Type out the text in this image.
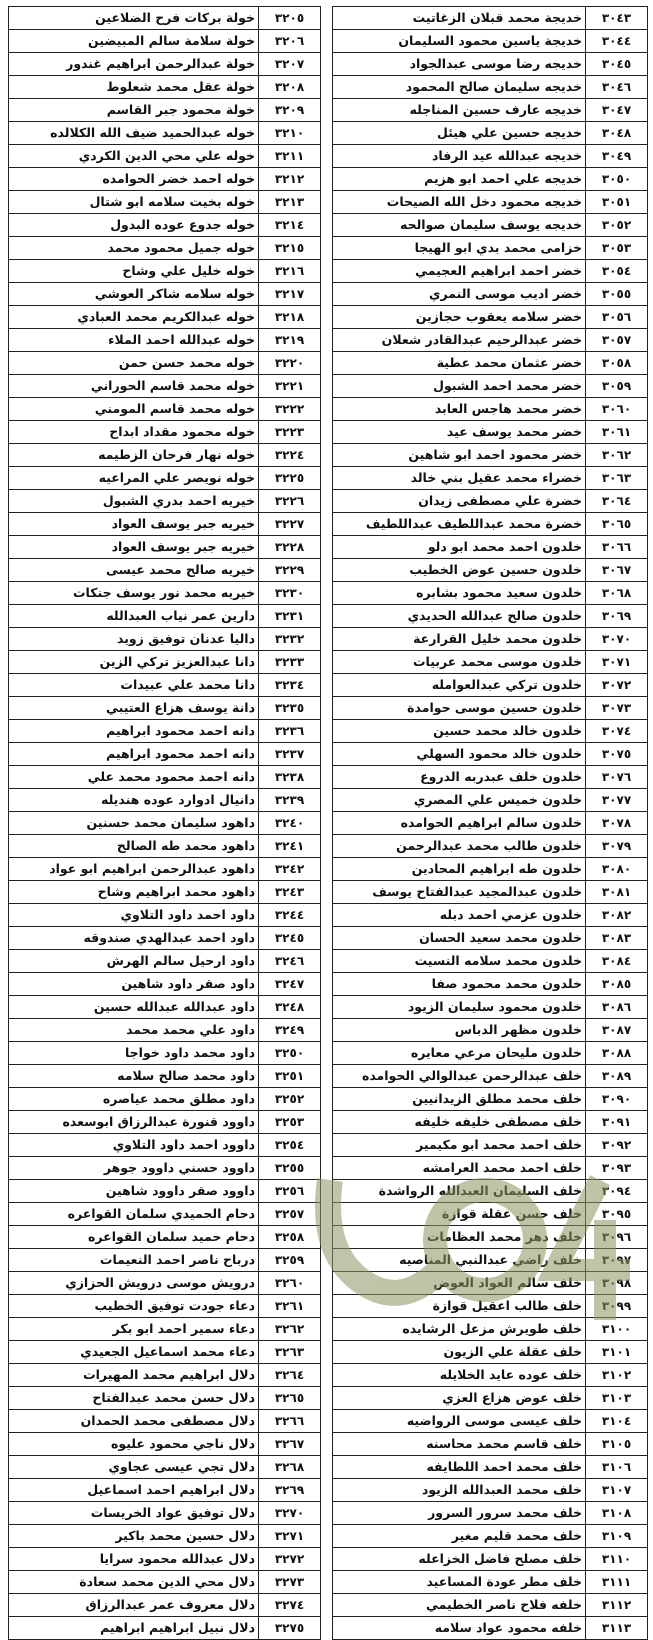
٣٠٤٣	خديجة محمد قبلان الزغاتيت
٣٠٤٤	خديجة ياسين محمود السليمان
٣٠٤٥	خديجه رضا موسى عبدالجواد
٣٠٤٦	خديجه سليمان صالح المحمود
٣٠٤٧	خديجه عارف حسين المناجله
٣٠٤٨	خديجه حسين علي هيئل
٣٠٤٩	خديجه عبدالله عيد الرفاد
٣٠٥٠	خديجه علي احمد ابو هزيم
٣٠٥١	خديجه محمود دخل الله الصيحات
٣٠٥٢	خديجه يوسف سليمان صوالحه
٣٠٥٣	خزامى محمد بدي ابو الهيجا
٣٠٥٤	خضر احمد ابراهيم العجيمي
٣٠٥٥	خضر اديب موسى النمري
٣٠٥٦	خضر سلامه يعقوب حجازين
٣٠٥٧	خضر عبدالرحيم عبدالقادر شعلان
٣٠٥٨	خضر عثمان محمد عطية
٣٠٥٩	خضر محمد احمد الشبول
٣٠٦٠	خضر محمد هاجس العابد
٣٠٦١	خضر محمد يوسف عيد
٣٠٦٢	خضر محمود احمد ابو شاهين
٣٠٦٣	خضراء محمد عقيل بني خالد
٣٠٦٤	خضرة علي مصطفى زيدان
٣٠٦٥	خضرة محمد عبداللطيف عبداللطيف
٣٠٦٦	خلدون احمد محمد ابو دلو
٣٠٦٧	خلدون حسين عوض الخطيب
٣٠٦٨	خلدون سعيد محمود بشابره
٣٠٦٩	خلدون صالح عبدالله الحديدي
٣٠٧٠	خلدون محمد خليل القرارعة
٣٠٧١	خلدون موسى محمد عربيات
٣٠٧٢	خلدون تركي عبدالعوامله
٣٠٧٣	خلدون حسين موسى حوامدة
٣٠٧٤	خلدون خالد محمد حسين
٣٠٧٥	خلدون خالد محمود السهلي
٣٠٧٦	خلدون خلف عبدربه الدروع
٣٠٧٧	خلدون خميس علي المصري
٣٠٧٨	خلدون سالم ابراهيم الحوامده
٣٠٧٩	خلدون طالب محمد عبدالرحمن
٣٠٨٠	خلدون طه ابراهيم المحادين
٣٠٨١	خلدون عبدالمجيد عبدالفتاح يوسف
٣٠٨٢	خلدون عزمي احمد دبله
٣٠٨٣	خلدون محمد سعيد الحسان
٣٠٨٤	خلدون محمد سلامه النسيت
٣٠٨٥	خلدون محمد محمود صفا
٣٠٨٦	خلدون محمود سليمان الزيود
٣٠٨٧	خلدون مظهر الدباس
٣٠٨٨	خلدون مليحان مرعي معايره
٣٠٨٩	خلف عبدالرحمن عبدالوالي الحوامده
٣٠٩٠	خلف محمد مطلق الزيدانيين
٣٠٩١	خلف مصطفى خليفه خليفه
٣٠٩٢	خلف احمد محمد ابو مكيمير
٣٠٩٣	خلف احمد محمد العرامشه
٣٠٩٤	خلف السليمان العبدالله الرواشدة
٣٠٩٥	خلف حسن عقلة قوازة
٣٠٩٦	خلف دهر محمد العظامات
٣٠٩٧	خلف راضي عبدالنبي المناصيه
٣٠٩٨	خلف سالم العواد العوض
٣٠٩٩	خلف طالب اعقيل قوازة
٣١٠٠	خلف طويرش مزعل الرشايده
٣١٠١	خلف عقلة علي الزيون
٣١٠٢	خلف عوده عايد الخلايله
٣١٠٣	خلف عوض هزاع العزي
٣١٠٤	خلف عيسى موسى الرواضيه
٣١٠٥	خلف قاسم محمد محاسنه
٣١٠٦	خلف محمد احمد اللطايفه
٣١٠٧	خلف محمد العبدالله الزيود
٣١٠٨	خلف محمد سرور السرور
٣١٠٩	خلف محمد قليم مغير
٣١١٠	خلف مصلح فاضل الخزاعله
٣١١١	خلف مطر عودة المساعيد
٣١١٢	خلفه فلاح ناصر الخطيمي
٣١١٣	خلفه محمود عواد سلامه
٣٢٠٥	خولة بركات فرح الضلاعين
٣٢٠٦	خولة سلامة سالم المبيضين
٣٢٠٧	خولة عبدالرحمن ابراهيم غندور
٣٢٠٨	خولة عقل محمد شعلوط
٣٢٠٩	خولة محمود جبر القاسم
٣٢١٠	خوله عبدالحميد ضيف الله الكلالده
٣٢١١	خوله علي محي الدين الكردي
٣٢١٢	خوله احمد خضر الحوامده
٣٢١٣	خوله بخيت سلامه ابو شتال
٣٢١٤	خوله جدوع عوده البدول
٣٢١٥	خوله جميل محمود محمد
٣٢١٦	خوله خليل علي وشاح
٣٢١٧	خوله سلامه شاكر العوشي
٣٢١٨	خوله عبدالكريم محمد العبادي
٣٢١٩	خوله عبدالله احمد الملاء
٣٢٢٠	خوله محمد حسن حمن
٣٢٢١	خوله محمد قاسم الحوراني
٣٢٢٢	خوله محمد قاسم المومني
٣٢٢٣	خوله محمود مقداد ابداح
٣٢٢٤	خوله نهار فرحان الزطيمه
٣٢٢٥	خوله نويصر علي المراعيه
٣٢٢٦	خيريه احمد بدري الشبول
٣٢٢٧	خيريه جبر يوسف العواد
٣٢٢٨	خيريه جبر يوسف العواد
٣٢٢٩	خيريه صالح محمد عيسى
٣٢٣٠	خيريه محمد نور يوسف جنكات
٣٢٣١	دارين عمر نياب العبدالله
٣٢٣٢	داليا عدنان توفيق زويد
٣٢٣٣	دانا عبدالعزيز تركي الزين
٣٢٣٤	دانا محمد علي عبيدات
٣٢٣٥	دانة يوسف هزاع العتيبي
٣٢٣٦	دانه احمد محمود ابراهيم
٣٢٣٧	دانه احمد محمود ابراهيم
٣٢٣٨	دانه احمد محمود محمد علي
٣٢٣٩	دانيال ادوارد عوده هنديله
٣٢٤٠	داهود سليمان محمد حسنين
٣٢٤١	داهود محمد طه الصالح
٣٢٤٢	داهود عبدالرحمن ابراهيم ابو عواد
٣٢٤٣	داهود محمد ابراهيم وشاح
٣٢٤٤	داود احمد داود التلاوي
٣٢٤٥	داود احمد عبدالهدي صندوقه
٣٢٤٦	داود ارحيل سالم الهرش
٣٢٤٧	داود صقر داود شاهين
٣٢٤٨	داود عبدالله عبدالله حسين
٣٢٤٩	داود علي محمد محمد
٣٢٥٠	داود محمد داود خواجا
٣٢٥١	داود محمد صالح سلامه
٣٢٥٢	داود مطلق محمد عياصره
٣٢٥٣	داوود قنورة عبدالرزاق ابوسعده
٣٢٥٤	داوود احمد داود التلاوي
٣٢٥٥	داوود حسني داوود جوهر
٣٢٥٦	داوود صقر داوود شاهين
٣٢٥٧	دحام الحميدي سلمان القواعره
٣٢٥٨	دحام حميد سلمان القواعره
٣٢٥٩	درباح ناصر احمد النعيمات
٣٢٦٠	درويش موسى درويش الحزازي
٣٢٦١	دعاء جودت توفيق الخطيب
٣٢٦٢	دعاء سمير احمد ابو بكر
٣٢٦٣	دعاء محمد اسماعيل الجعيدي
٣٢٦٤	دلال ابراهيم محمد المهيرات
٣٢٦٥	دلال حسن محمد عبدالفتاح
٣٢٦٦	دلال مصطفى محمد الحمدان
٣٢٦٧	دلال ناجي محمود عليوه
٣٢٦٨	دلال تجي عيسى عجاوي
٣٢٦٩	دلال ابراهيم احمد اسماعيل
٣٢٧٠	دلال توفيق عواد الخريسات
٣٢٧١	دلال حسين محمد باكير
٣٢٧٢	دلال عبدالله محمود سرايا
٣٢٧٣	دلال محي الدين محمد سعادة
٣٢٧٤	دلال معروف عمر عبدالرزاق
٣٢٧٥	دلال نبيل ابراهيم ابراهيم
